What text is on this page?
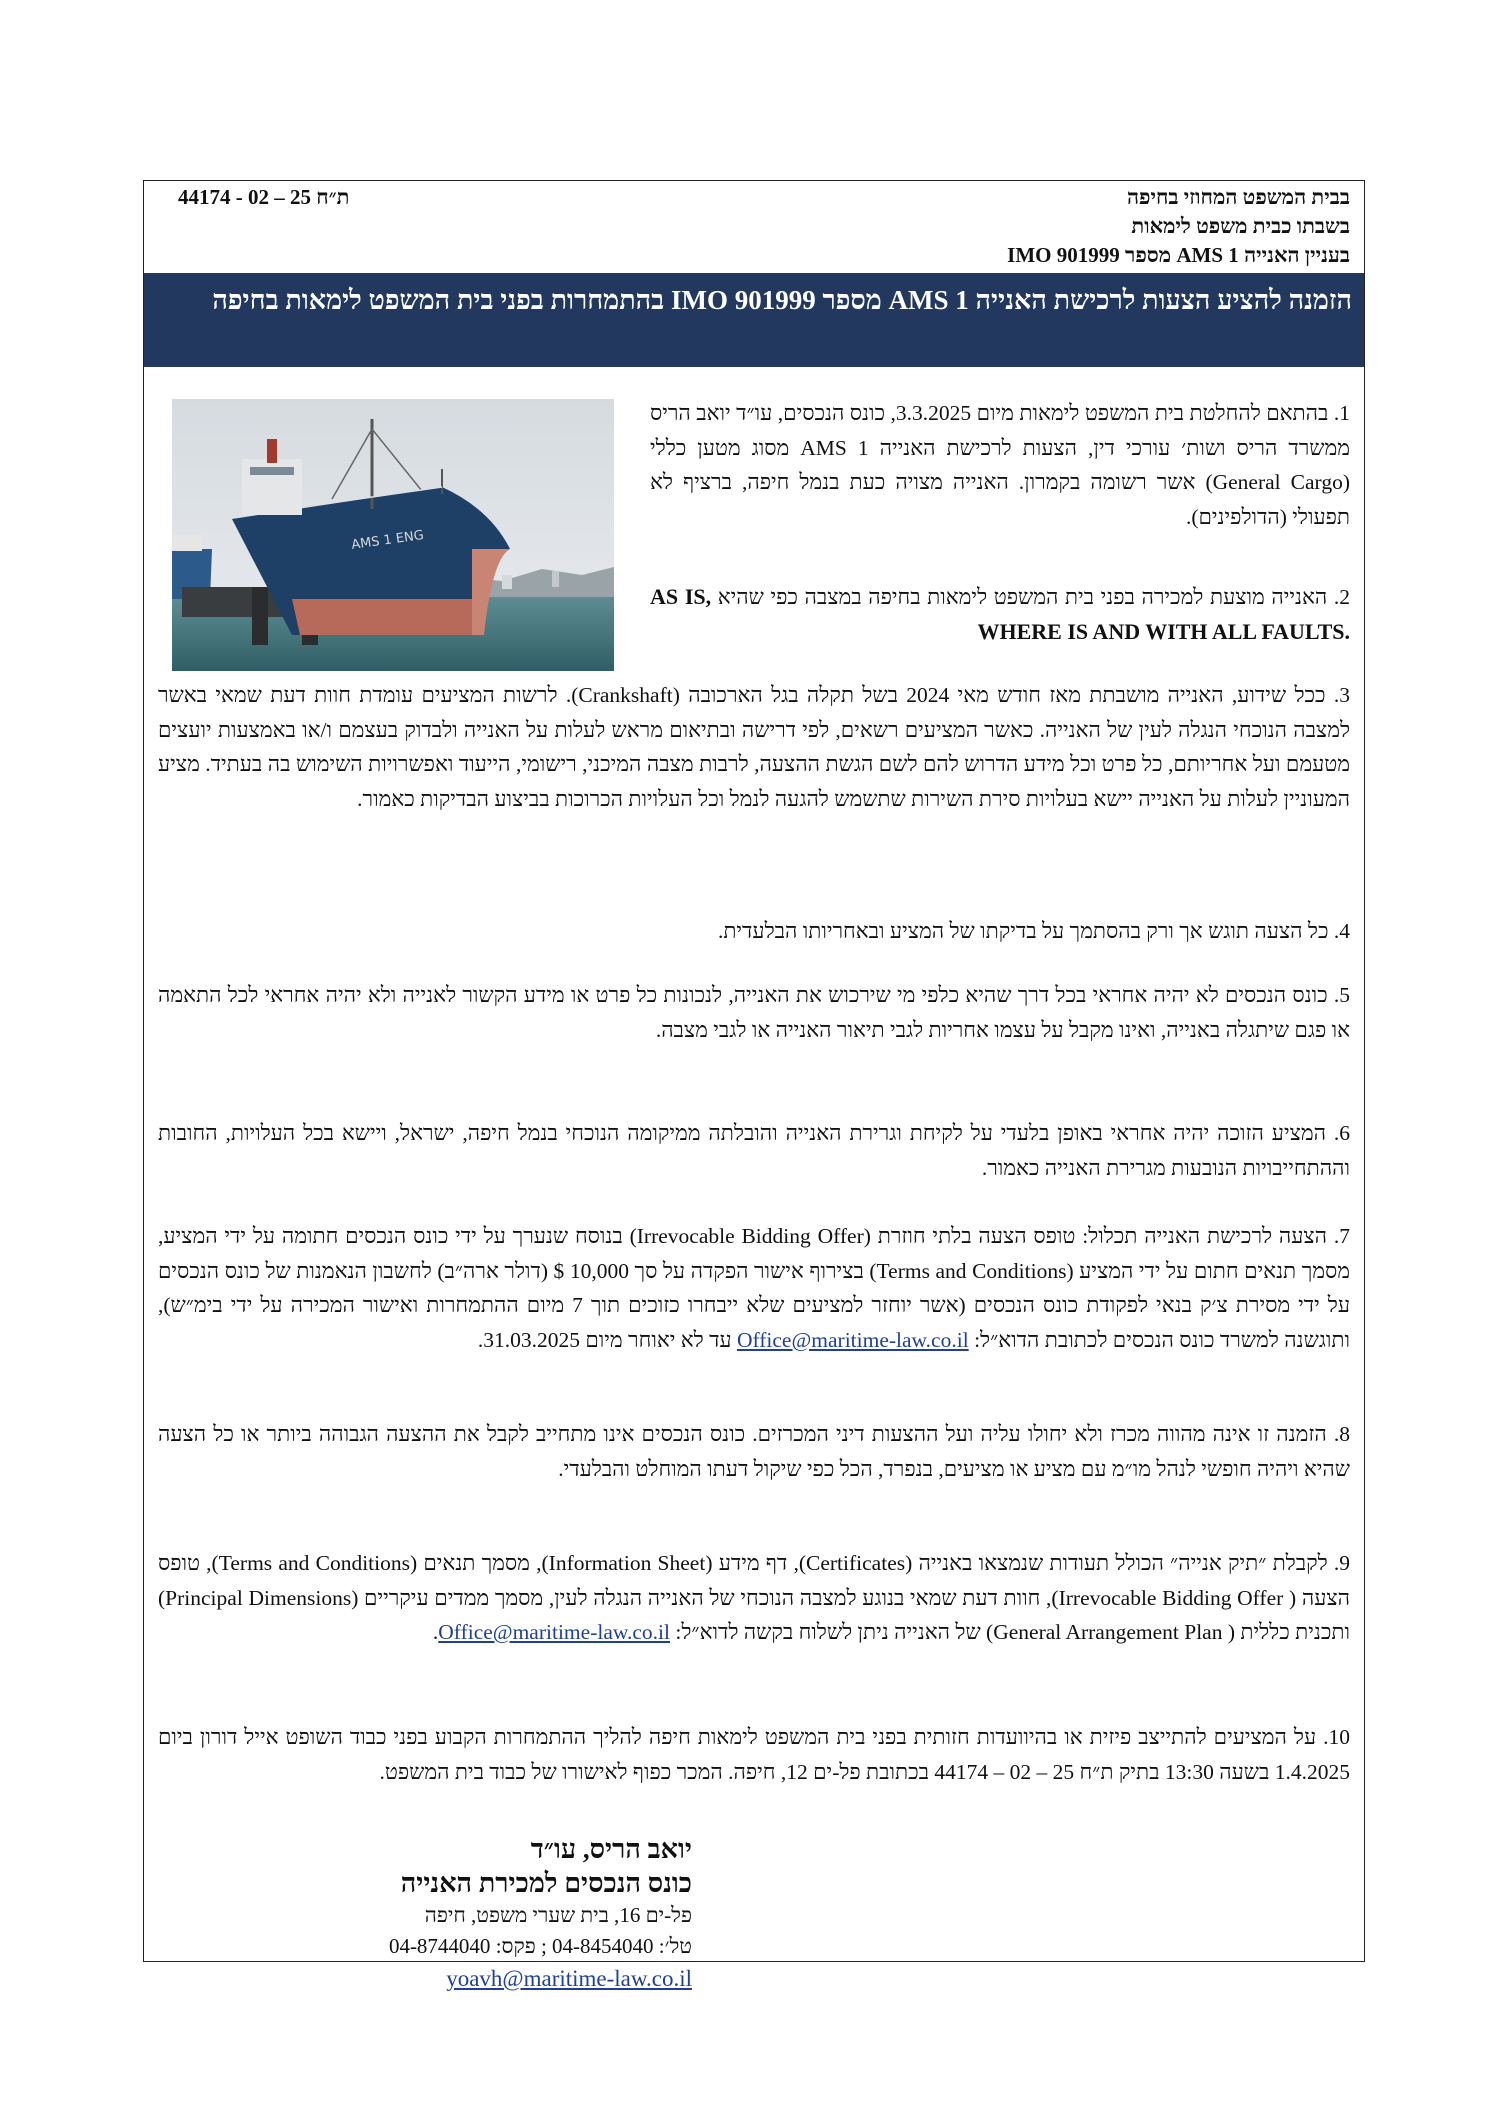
בבית המשפט המחוזי בחיפה
בשבתו כבית משפט לימאות
בעניין האנייה AMS 1 מספר IMO 901999
ת״ח 25 – 02 - 44174
הזמנה להציע הצעות לרכישת האנייה AMS 1 מספר IMO 901999 בהתמחרות בפני בית המשפט לימאות בחיפה
AMS 1 ENG
1. בהתאם להחלטת בית המשפט לימאות מיום 3.3.2025, כונס הנכסים, עו״ד יואב הריס ממשרד הריס ושות׳ עורכי דין, הצעות לרכישת האנייה AMS 1 מסוג מטען כללי (General Cargo) אשר רשומה בקמרון. האנייה מצויה כעת בנמל חיפה, ברציף לא תפעולי (הדולפינים).
2. האנייה מוצעת למכירה בפני בית המשפט לימאות בחיפה במצבה כפי שהיא AS IS, WHERE IS AND WITH ALL FAULTS.
3. ככל שידוע, האנייה מושבתת מאז חודש מאי 2024 בשל תקלה בגל הארכובה (Crankshaft). לרשות המציעים עומדת חוות דעת שמאי באשר למצבה הנוכחי הנגלה לעין של האנייה. כאשר המציעים רשאים, לפי דרישה ובתיאום מראש לעלות על האנייה ולבדוק בעצמם ו/או באמצעות יועצים מטעמם ועל אחריותם, כל פרט וכל מידע הדרוש להם לשם הגשת ההצעה, לרבות מצבה המיכני, רישומי, הייעוד ואפשרויות השימוש בה בעתיד. מציע המעוניין לעלות על האנייה יישא בעלויות סירת השירות שתשמש להגעה לנמל וכל העלויות הכרוכות בביצוע הבדיקות כאמור.
4. כל הצעה תוגש אך ורק בהסתמך על בדיקתו של המציע ובאחריותו הבלעדית.
5. כונס הנכסים לא יהיה אחראי בכל דרך שהיא כלפי מי שירכוש את האנייה, לנכונות כל פרט או מידע הקשור לאנייה ולא יהיה אחראי לכל התאמה או פגם שיתגלה באנייה, ואינו מקבל על עצמו אחריות לגבי תיאור האנייה או לגבי מצבה.
6. המציע הזוכה יהיה אחראי באופן בלעדי על לקיחת וגרירת האנייה והובלתה ממיקומה הנוכחי בנמל חיפה, ישראל, ויישא בכל העלויות, החובות וההתחייבויות הנובעות מגרירת האנייה כאמור.
7. הצעה לרכישת האנייה תכלול: טופס הצעה בלתי חוזרת (Irrevocable Bidding Offer) בנוסח שנערך על ידי כונס הנכסים חתומה על ידי המציע, מסמך תנאים חתום על ידי המציע (Terms and Conditions) בצירוף אישור הפקדה על סך 10,000 $ (דולר ארה״ב) לחשבון הנאמנות של כונס הנכסים על ידי מסירת צ׳ק בנאי לפקודת כונס הנכסים (אשר יוחזר למציעים שלא ייבחרו כזוכים תוך 7 מיום ההתמחרות ואישור המכירה על ידי בימ״ש), ותוגשנה למשרד כונס הנכסים לכתובת הדוא״ל: Office@maritime-law.co.il עד לא יאוחר מיום 31.03.2025.
8. הזמנה זו אינה מהווה מכרז ולא יחולו עליה ועל ההצעות דיני המכרזים. כונס הנכסים אינו מתחייב לקבל את ההצעה הגבוהה ביותר או כל הצעה שהיא ויהיה חופשי לנהל מו״מ עם מציע או מציעים, בנפרד, הכל כפי שיקול דעתו המוחלט והבלעדי.
9. לקבלת ״תיק אנייה״ הכולל תעודות שנמצאו באנייה (Certificates), דף מידע (Information Sheet), מסמך תנאים (Terms and Conditions), טופס הצעה ( Irrevocable Bidding Offer), חוות דעת שמאי בנוגע למצבה הנוכחי של האנייה הנגלה לעין, מסמך ממדים עיקריים (Principal Dimensions) ותכנית כללית ( General Arrangement Plan) של האנייה ניתן לשלוח בקשה לדוא״ל: Office@maritime-law.co.il.
10. על המציעים להתייצב פיזית או בהיוועדות חזותית בפני בית המשפט לימאות חיפה להליך ההתמחרות הקבוע בפני כבוד השופט אייל דורון ביום 1.4.2025 בשעה 13:30 בתיק ת״ח 25 – 02 – 44174 בכתובת פל-ים 12, חיפה. המכר כפוף לאישורו של כבוד בית המשפט.
יואב הריס, עו״ד
כונס הנכסים למכירת האנייה
פל-ים 16, בית שערי משפט, חיפה
טל׳: 04-8454040 ; פקס: 04-8744040
yoavh@maritime-law.co.il
